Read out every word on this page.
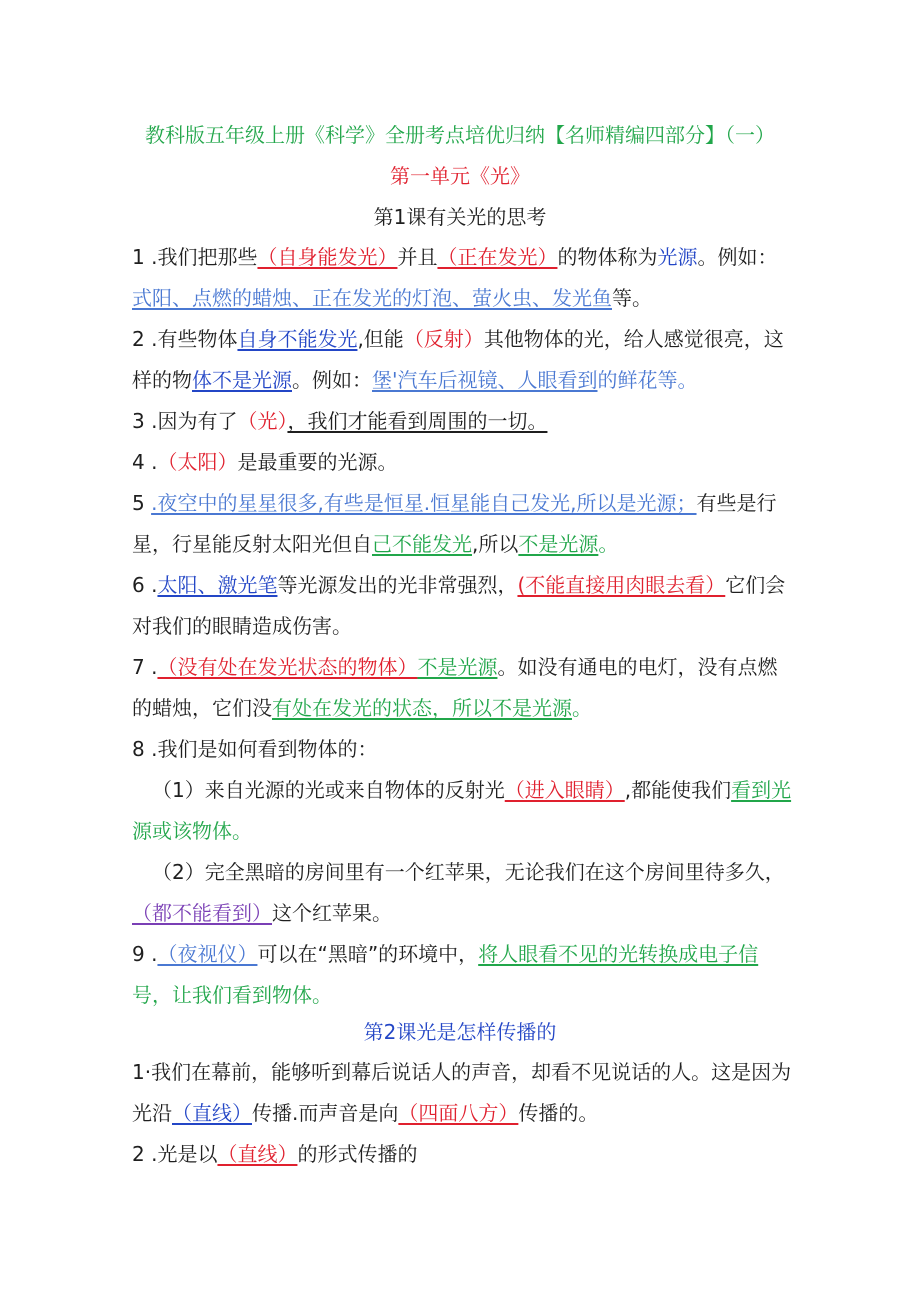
教科版五年级上册《科学》全册考点培优归纳【名师精编四部分】（一）
第一单元《光》
第1课有关光的思考
1 .我们把那些（自身能发光）并且（正在发光）的物体称为光源。例如：
式阳、点燃的蜡烛、正在发光的灯泡、萤火虫、发光鱼等。
2 .有些物体自身不能发光,但能（反射）其他物体的光，给人感觉很亮，这
样的物体不是光源。例如：堡'汽车后视镜、人眼看到的鲜花等。
3 .因为有了（光），我们才能看到周围的一切。
4 .（太阳）是最重要的光源。
5 .夜空中的星星很多,有些是恒星.恒星能自己发光,所以是光源；有些是行
星，行星能反射太阳光但自己不能发光,所以不是光源。
6 .太阳、激光笔等光源发出的光非常强烈，(不能直接用肉眼去看）它们会
对我们的眼睛造成伤害。
7 .（没有处在发光状态的物体）不是光源。如没有通电的电灯，没有点燃
的蜡烛，它们没有处在发光的状态，所以不是光源。
8 .我们是如何看到物体的：
（1）来自光源的光或来自物体的反射光（进入眼睛）,都能使我们看到光
源或该物体。
（2）完全黑暗的房间里有一个红苹果，无论我们在这个房间里待多久，
（都不能看到）这个红苹果。
9 .（夜视仪）可以在“黑暗”的环境中，将人眼看不见的光转换成电子信
号，让我们看到物体。
第2课光是怎样传播的
1·我们在幕前，能够听到幕后说话人的声音，却看不见说话的人。这是因为
光沿（直线）传播.而声音是向（四面八方）传播的。
2 .光是以（直线）的形式传播的
